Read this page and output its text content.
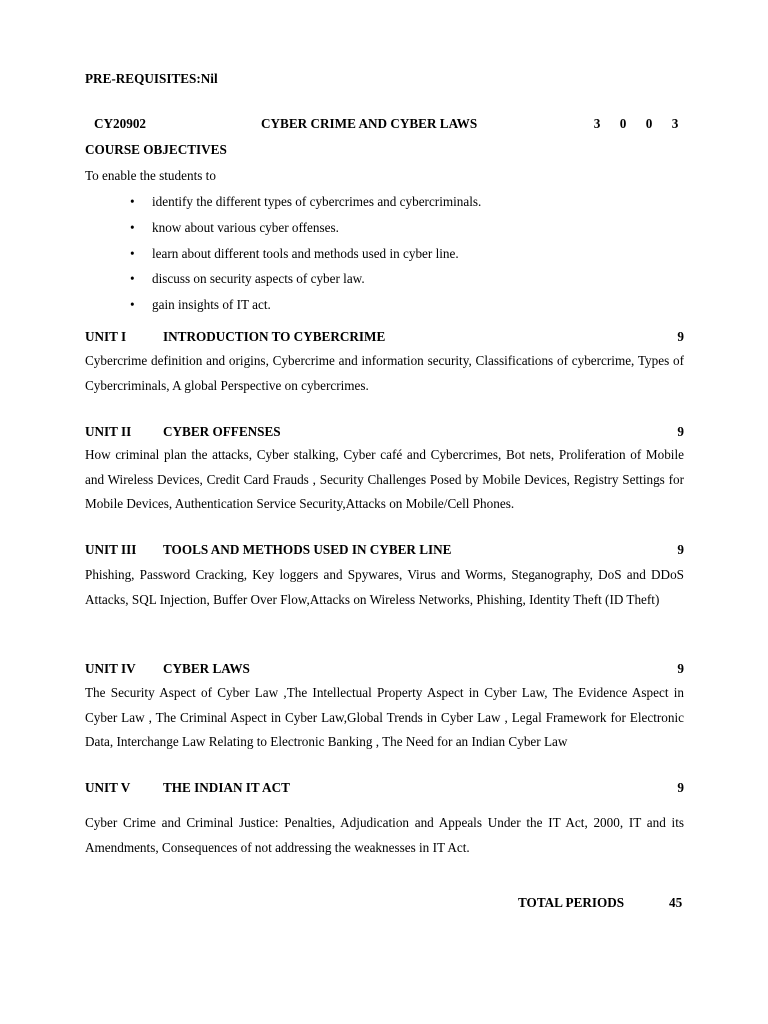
PRE-REQUISITES:Nil
CY20902	CYBER CRIME AND CYBER LAWS	3 0 0 3
COURSE OBJECTIVES
To enable the students to
• identify the different types of cybercrimes and cybercriminals.
• know about various cyber offenses.
• learn about different tools and methods used in cyber line.
• discuss on security aspects of cyber law.
• gain insights of IT act.
UNIT I	INTRODUCTION TO CYBERCRIME	9
Cybercrime definition and origins, Cybercrime and information security, Classifications of cybercrime, Types of Cybercriminals, A global Perspective on cybercrimes.
UNIT II CYBER OFFENSES	9
How criminal plan the attacks, Cyber stalking, Cyber café and Cybercrimes, Bot nets, Proliferation of Mobile and Wireless Devices, Credit Card Frauds , Security Challenges Posed by Mobile Devices, Registry Settings for Mobile Devices, Authentication Service Security,Attacks on Mobile/Cell Phones.
UNIT III TOOLS AND METHODS USED IN CYBER LINE	9
Phishing, Password Cracking, Key loggers and Spywares, Virus and Worms, Steganography, DoS and DDoS Attacks, SQL Injection, Buffer Over Flow,Attacks on Wireless Networks, Phishing, Identity Theft (ID Theft)
UNIT IV CYBER LAWS	9
The Security Aspect of Cyber Law ,The Intellectual Property Aspect in Cyber Law, The Evidence Aspect in Cyber Law , The Criminal Aspect in Cyber Law,Global Trends in Cyber Law , Legal Framework for Electronic Data, Interchange Law Relating to Electronic Banking , The Need for an Indian Cyber Law
UNIT V THE INDIAN IT ACT	9
Cyber Crime and Criminal Justice: Penalties, Adjudication and Appeals Under the IT Act, 2000, IT and its Amendments, Consequences of not addressing the weaknesses in IT Act.
TOTAL PERIODS	45
